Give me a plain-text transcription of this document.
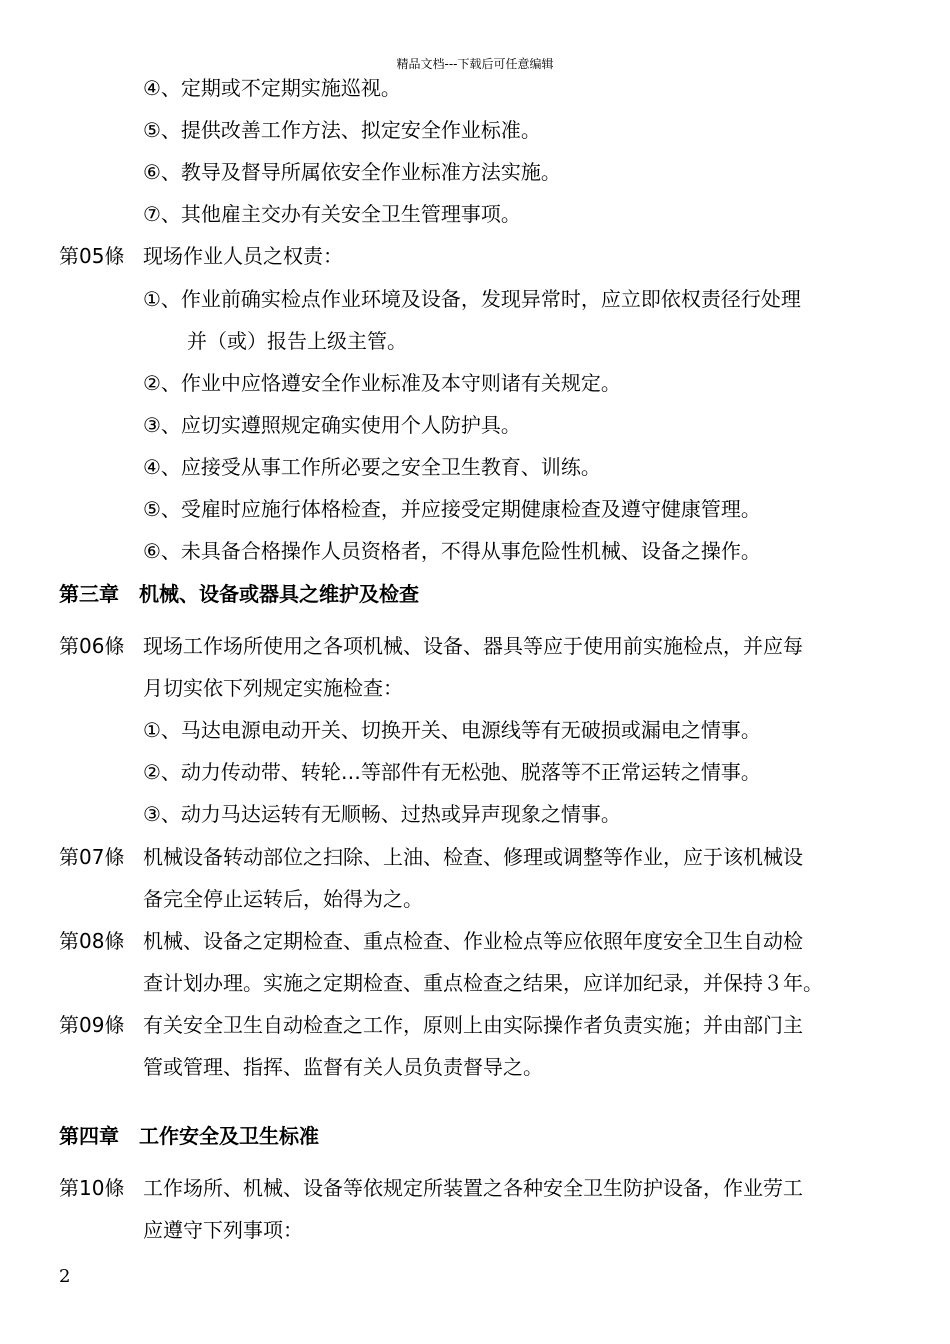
精品文档---下载后可任意编辑
④、定期或不定期实施巡视。
⑤、提供改善工作方法、拟定安全作业标准。
⑥、教导及督导所属依安全作业标准方法实施。
⑦、其他雇主交办有关安全卫生管理事项。
第05條 现场作业人员之权责：
①、作业前确实检点作业环境及设备，发现异常时，应立即依权责径行处理
并（或）报告上级主管。
②、作业中应恪遵安全作业标准及本守则诸有关规定。
③、应切实遵照规定确实使用个人防护具。
④、应接受从事工作所必要之安全卫生教育、训练。
⑤、受雇时应施行体格检查，并应接受定期健康检查及遵守健康管理。
⑥、未具备合格操作人员资格者，不得从事危险性机械、设备之操作。
第三章 机械、设备或器具之维护及检查
第06條 现场工作场所使用之各项机械、设备、器具等应于使用前实施检点，并应每
月切实依下列规定实施检查：
①、马达电源电动开关、切换开关、电源线等有无破损或漏电之情事。
②、动力传动带、转轮…等部件有无松弛、脱落等不正常运转之情事。
③、动力马达运转有无顺畅、过热或异声现象之情事。
第07條 机械设备转动部位之扫除、上油、检查、修理或调整等作业，应于该机械设
备完全停止运转后，始得为之。
第08條 机械、设备之定期检查、重点检查、作业检点等应依照年度安全卫生自动检
查计划办理。实施之定期检查、重点检查之结果，应详加纪录，并保持３年。
第09條 有关安全卫生自动检查之工作，原则上由实际操作者负责实施；并由部门主
管或管理、指挥、监督有关人员负责督导之。
第四章 工作安全及卫生标准
第10條 工作场所、机械、设备等依规定所装置之各种安全卫生防护设备，作业劳工
应遵守下列事项：
2
